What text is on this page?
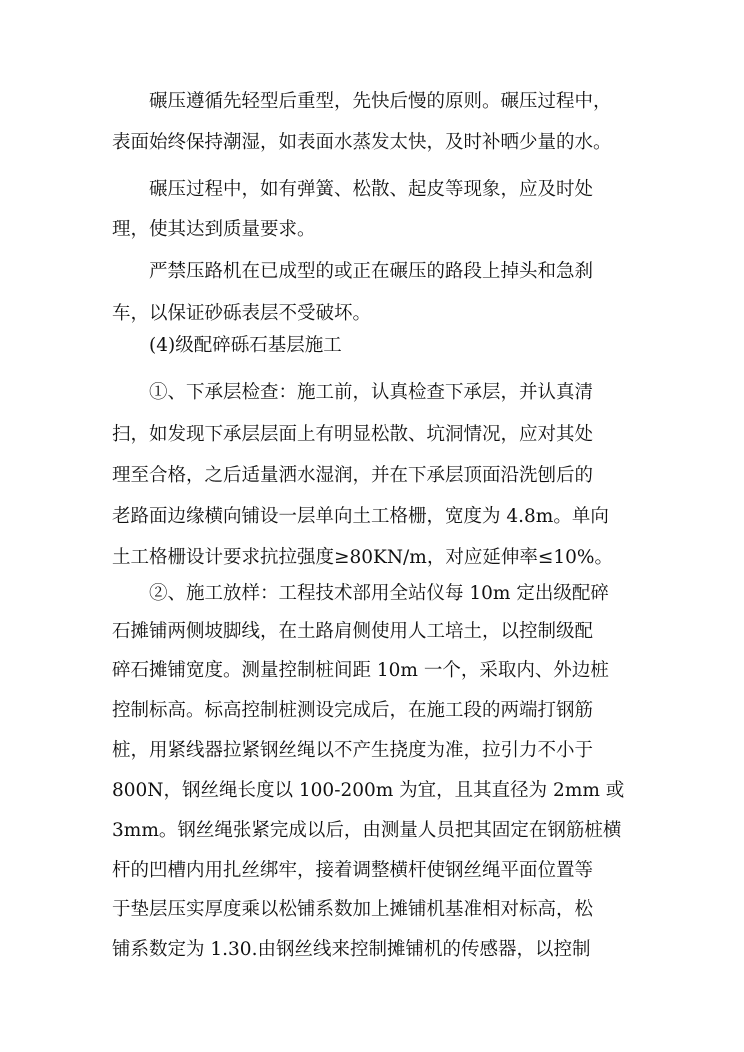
碾压遵循先轻型后重型，先快后慢的原则。碾压过程中，
表面始终保持潮湿，如表面水蒸发太快，及时补晒少量的水。
碾压过程中，如有弹簧、松散、起皮等现象，应及时处
理，使其达到质量要求。
严禁压路机在已成型的或正在碾压的路段上掉头和急刹
车，以保证砂砾表层不受破坏。
(4)级配碎砾石基层施工
①、下承层检查：施工前，认真检查下承层，并认真清
扫，如发现下承层层面上有明显松散、坑洞情况，应对其处
理至合格，之后适量洒水湿润，并在下承层顶面沿洗刨后的
老路面边缘横向铺设一层单向土工格栅，宽度为 4.8m。单向
土工格栅设计要求抗拉强度≥80KN/m，对应延伸率≤10%。
②、施工放样：工程技术部用全站仪每 10m 定出级配碎
石摊铺两侧坡脚线，在土路肩侧使用人工培土，以控制级配
碎石摊铺宽度。测量控制桩间距 10m 一个，采取内、外边桩
控制标高。标高控制桩测设完成后，在施工段的两端打钢筋
桩，用紧线器拉紧钢丝绳以不产生挠度为准，拉引力不小于
800N，钢丝绳长度以 100-200m 为宜，且其直径为 2mm 或
3mm。钢丝绳张紧完成以后，由测量人员把其固定在钢筋桩横
杆的凹槽内用扎丝绑牢，接着调整横杆使钢丝绳平面位置等
于垫层压实厚度乘以松铺系数加上摊铺机基准相对标高，松
铺系数定为 1.30.由钢丝线来控制摊铺机的传感器，以控制
